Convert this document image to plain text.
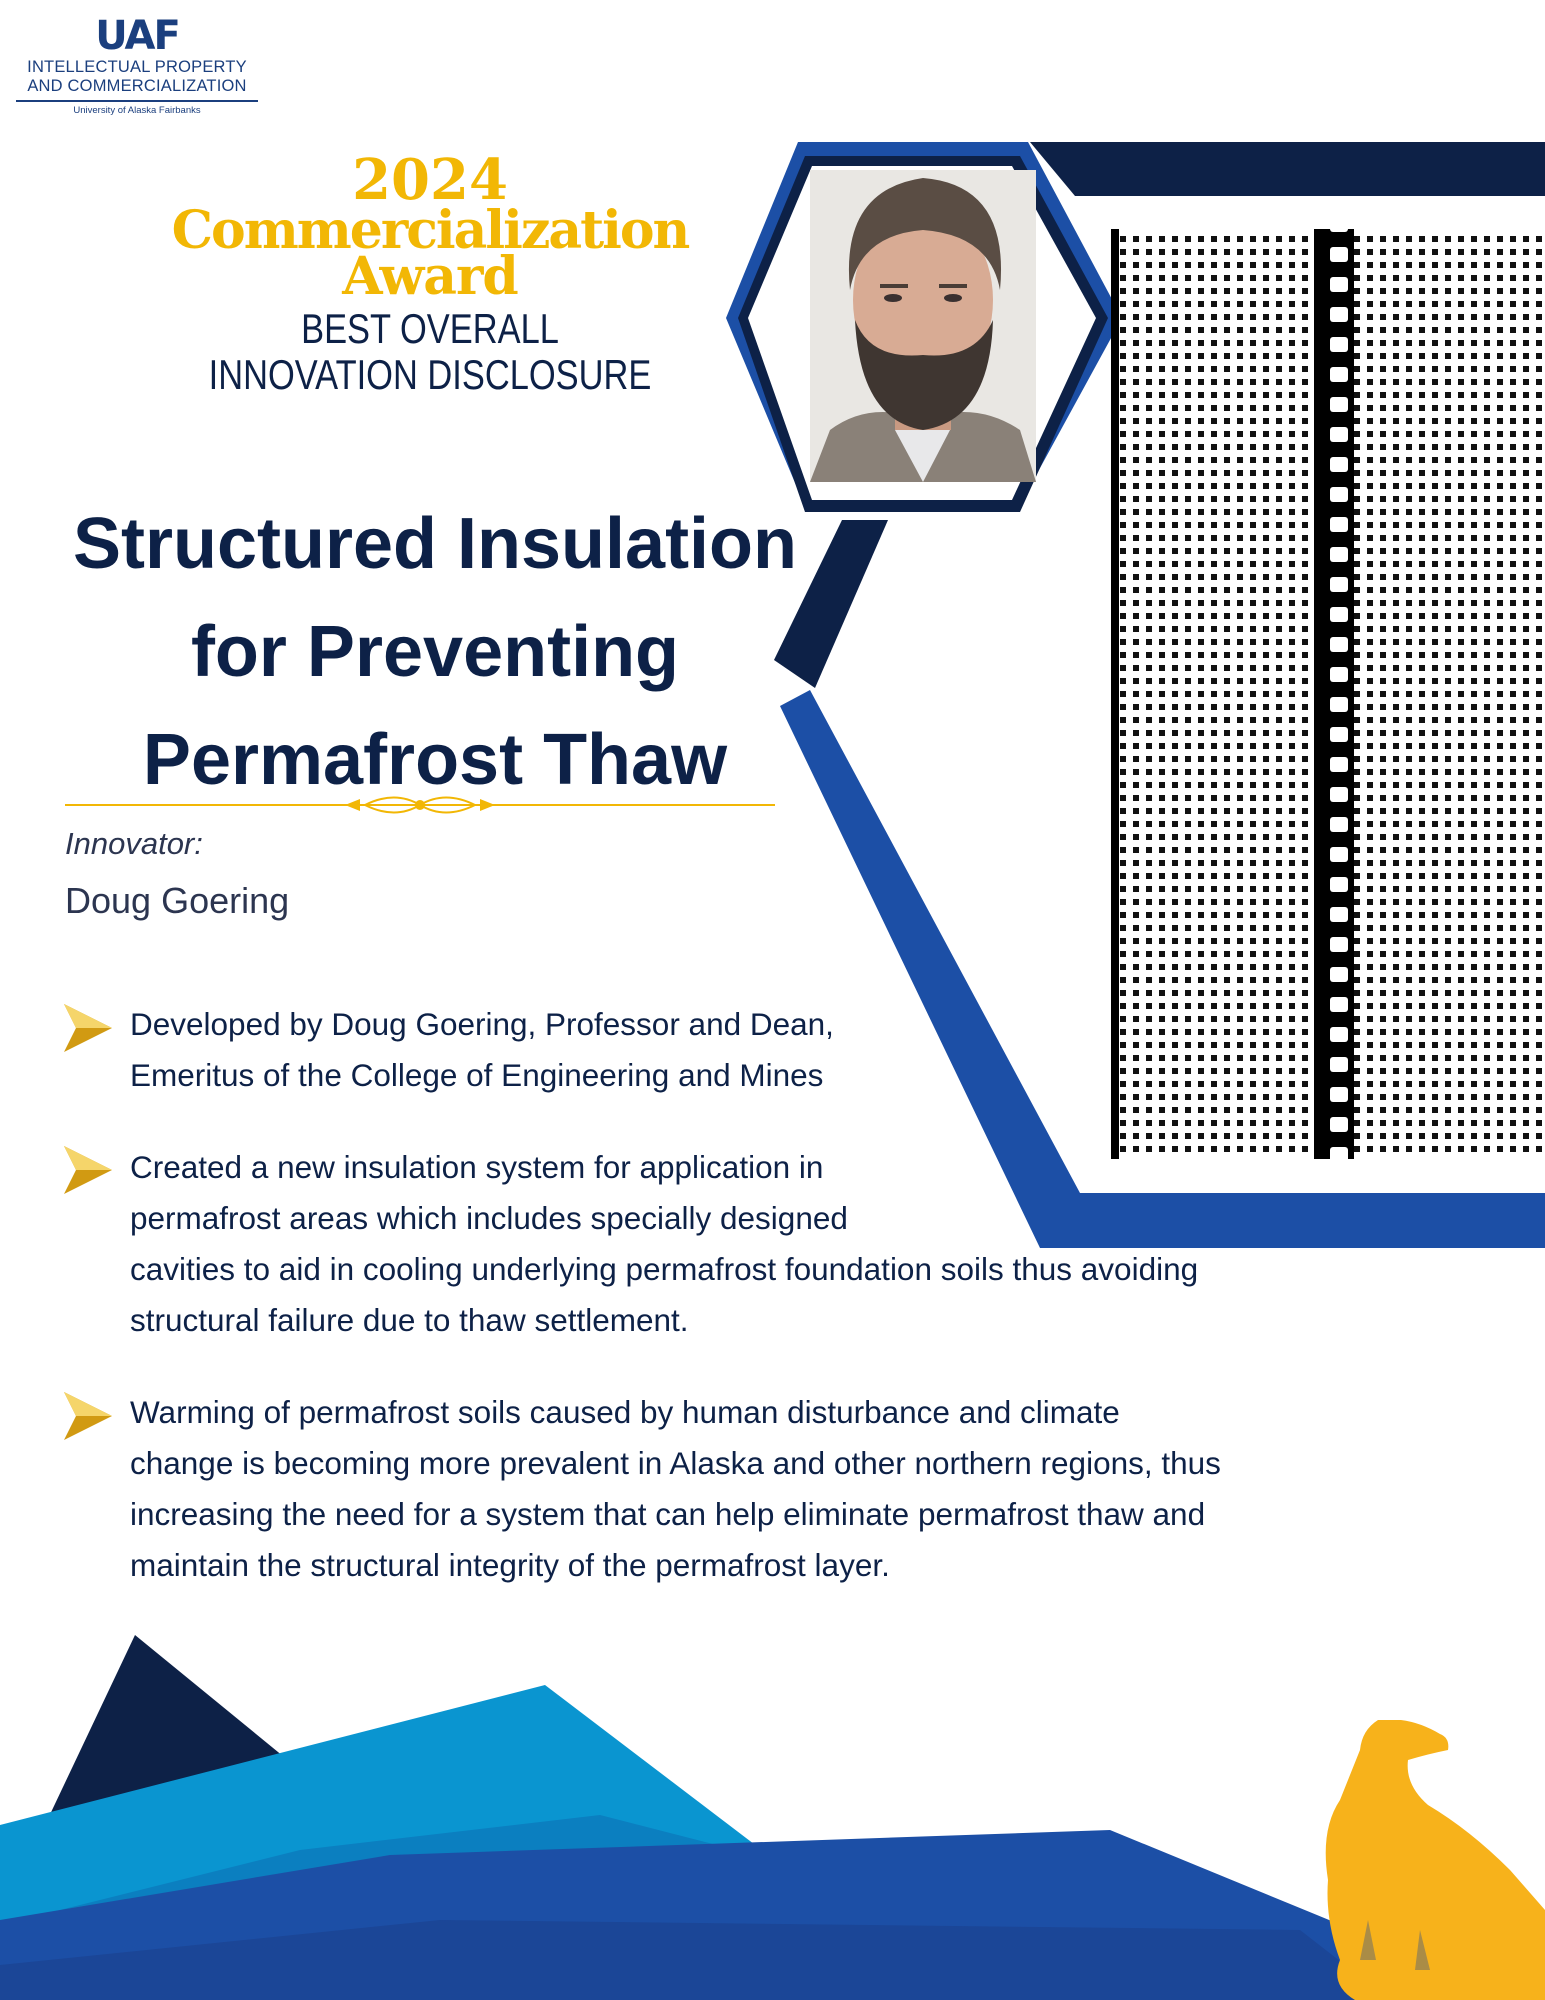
UAF
INTELLECTUAL PROPERTY
AND COMMERCIALIZATION
University of Alaska Fairbanks
2024
Commercialization
Award
BEST OVERALL
INNOVATION DISCLOSURE
Structured Insulation
for Preventing
Permafrost Thaw
Innovator:
Doug Goering
Developed by Doug Goering, Professor and Dean,
Emeritus of the College of Engineering and Mines
Created a new insulation system for application in
permafrost areas which includes specially designed
cavities to aid in cooling underlying permafrost foundation soils thus avoiding
structural failure due to thaw settlement.
Warming of permafrost soils caused by human disturbance and climate
change is becoming more prevalent in Alaska and other northern regions, thus
increasing the need for a system that can help eliminate permafrost thaw and
maintain the structural integrity of the permafrost layer.
